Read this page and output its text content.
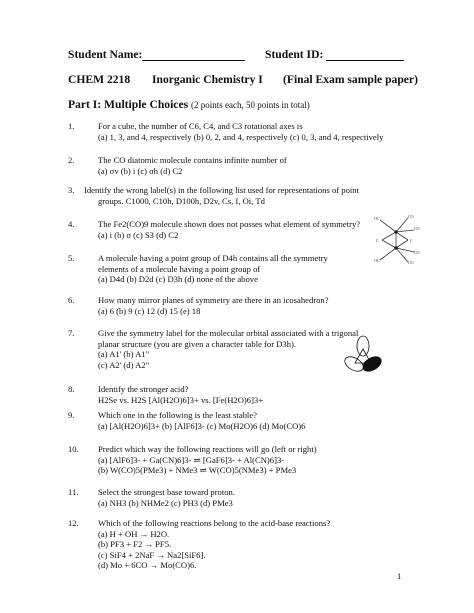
Student Name:	Student ID:
CHEM 2218 Inorganic Chemistry I (Final Exam sample paper)
Part I: Multiple Choices (2 points each, 50 points in total)
1.	For a cube, the number of C6, C4, and C3 rotational axes is
(a) 1, 3, and 4, respectively (b) 0, 2, and 4, respectively (c) 0, 3, and 4, respectively
2.	The CO diatomic molecule contains infinite number of
(a) σv (b) i (c) σh (d) C2
3. Identify the wrong label(s) in the following list used for representations of point
groups. C1000, C10h, D100h, D2v, Cs, I, Oi, Td
4.	The Fe2(CO)9 molecule shown does not posses what element of symmetry?
(a) i (b) σ (c) S3 (d) C2
5.	A molecule having a point group of D4h contains all the symmetry
elements of a molecule having a point group of
(a) D4d (b) D2d (c) D3h (d) none of the above
6.	How many mirror planes of symmetry are there in an icosahedron?
(a) 6 (b) 9 (c) 12 (d) 15 (e) 18
7.	Give the symmetry label for the molecular orbital associated with a trigonal
planar structure (you are given a character table for D3h).
(a) A1' (b) A1"
(c) A2' (d) A2"
8.	Identify the stronger acid?
H2Se vs. H2S [Al(H2O)6]3+ vs. [Fe(H2O)6]3+
9.	Which one in the following is the least stable?
(a) [Al(H2O)6]3+ (b) [AlF6]3- (c) Mo(H2O)6 (d) Mo(CO)6
10. Predict which way the following reactions will go (left or right)
(a) [AlF6]3- + Ga(CN)6]3- ⇌ [GaF6]3- + Al(CN)6]3-
(b) W(CO)5(PMe3) + NMe3 ⇌ W(CO)5(NMe3) + PMe3
11. Select the strongest base toward proton.
(a) NH3 (b) NHMe2 (c) PH3 (d) PMe3
12. Which of the following reactions belong to the acid-base reactions?
(a) H + OH → H2O.
(b) PF3 + F2 → PF5.
(c) SiF4 + 2NaF → Na2[SiF6].
(d) Mo + 6CO → Mo(CO)6.
OC	CO
CO
OC	CO
CO
C	C
1
